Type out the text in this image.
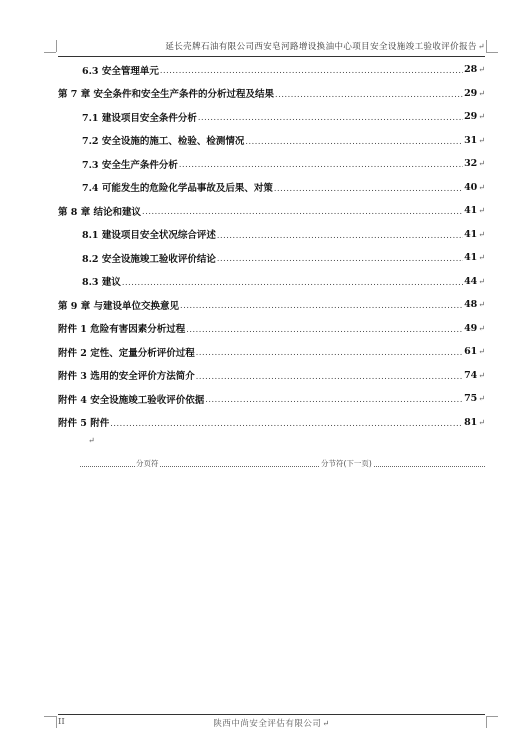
延长壳牌石油有限公司西安皂河路增设换油中心项目安全设施竣工验收评价报告↵
6.3 安全管理单元 .....	28 ↵
第 7 章 安全条件和安全生产条件的分析过程及结果 .....	29 ↵
7.1 建设项目安全条件分析 .....	29 ↵
7.2 安全设施的施工、检验、检测情况 .....	31 ↵
7.3 安全生产条件分析 .....	32 ↵
7.4 可能发生的危险化学品事故及后果、对策 .....	40 ↵
第 8 章 结论和建议 .....	41 ↵
8.1 建设项目安全状况综合评述 .....	41 ↵
8.2 安全设施竣工验收评价结论 .....	41 ↵
8.3 建议 .....	44 ↵
第 9 章 与建设单位交换意见 .....	48 ↵
附件 1 危险有害因素分析过程 .....	49 ↵
附件 2 定性、定量分析评价过程 .....	61 ↵
附件 3 选用的安全评价方法简介 .....	74 ↵
附件 4 安全设施竣工验收评价依据 .....	75 ↵
附件 5 附件 .....	81 ↵
↵
分页符	分节符(下一页)
II	陕西中尚安全评估有限公司↵
